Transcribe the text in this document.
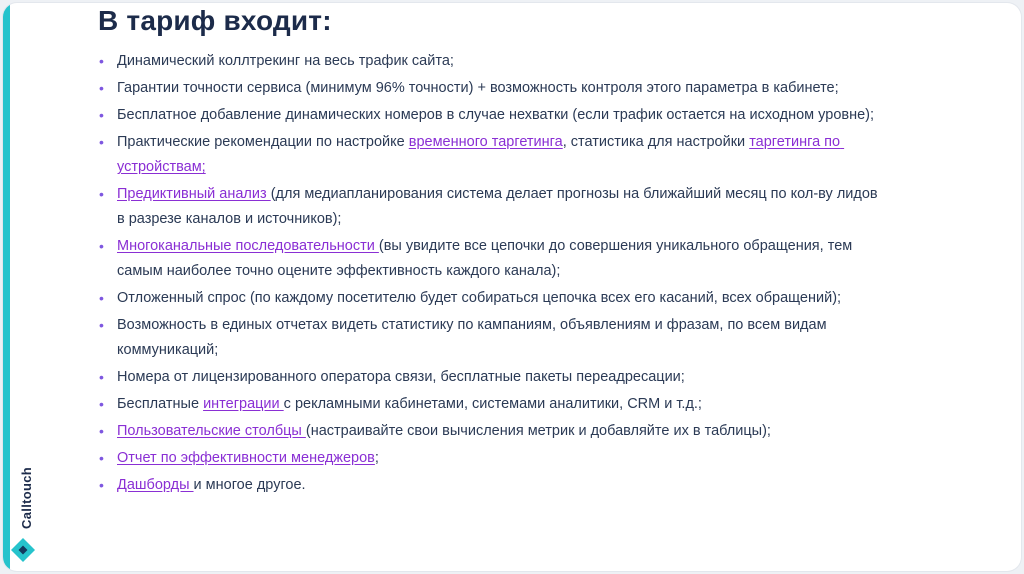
Calltouch
В тариф входит:
• Динамический коллтрекинг на весь трафик сайта;
• Гарантии точности сервиса (минимум 96% точности) + возможность контроля этого параметра в кабинете;
• Бесплатное добавление динамических номеров в случае нехватки (если трафик остается на исходном уровне);
• Практические рекомендации по настройке временного таргетинга, статистика для настройки таргетинга по устройствам;
• Предиктивный анализ (для медиапланирования система делает прогнозы на ближайший месяц по кол-ву лидов в разрезе каналов и источников);
• Многоканальные последовательности (вы увидите все цепочки до совершения уникального обращения, тем самым наиболее точно оцените эффективность каждого канала);
• Отложенный спрос (по каждому посетителю будет собираться цепочка всех его касаний, всех обращений);
• Возможность в единых отчетах видеть статистику по кампаниям, объявлениям и фразам, по всем видам коммуникаций;
• Номера от лицензированного оператора связи, бесплатные пакеты переадресации;
• Бесплатные интеграции с рекламными кабинетами, системами аналитики, CRM и т.д.;
• Пользовательские столбцы (настраивайте свои вычисления метрик и добавляйте их в таблицы);
• Отчет по эффективности менеджеров;
• Дашборды и многое другое.
